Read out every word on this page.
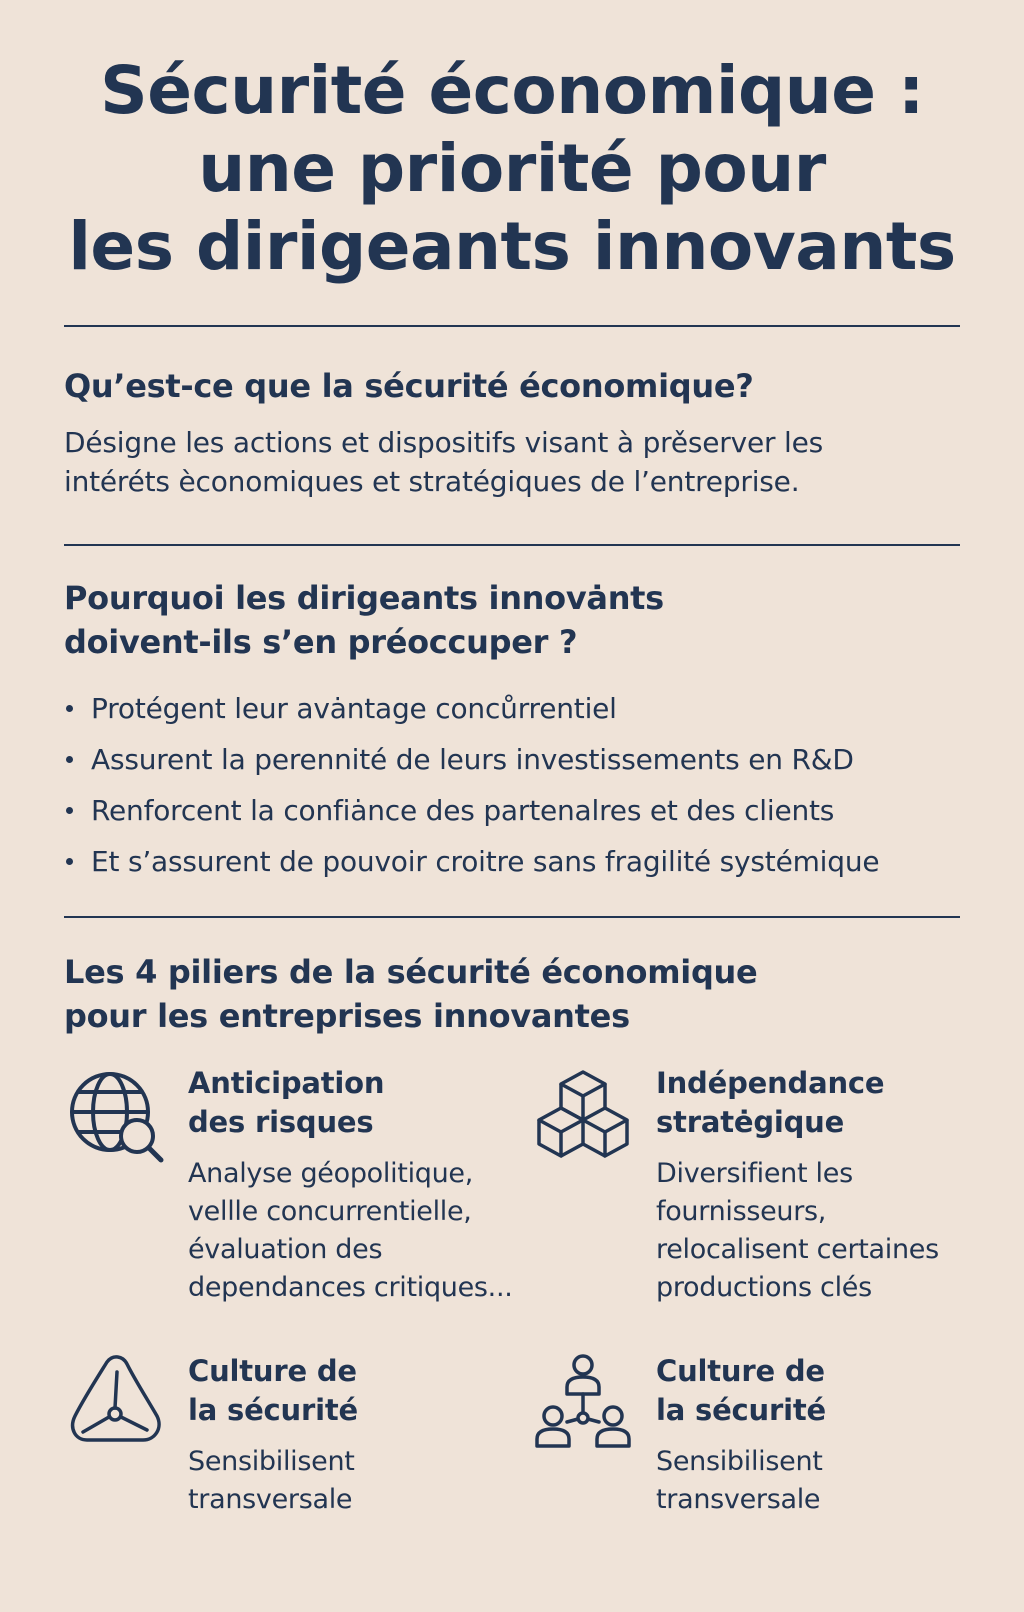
Sécurité économique :
une priorité pour
les dirigeants innovants
Qu’est-ce que la sécurité économique?

Désigne les actions et dispositifs visant à prěserver les
intéréts èconomiques et stratégiques de l’entreprise.

Pourquoi les dirigeants innovȧnts
doivent-ils s’en préoccuper ?
Protégent leur avȧntage concůrrentiel
Assurent la perennité de leurs investissements en R&D
Renforcent la confiȧnce des partenalres et des clients
Et s’assurent de pouvoir croitre sans fragilité systémique
Les 4 piliers de la sécurité économique
pour les entreprises innovantes
Anticipation
des risques

Analyse géopolitique,
vellle concurrentielle,
évaluation des
dependances critiques...

Indépendance
stratėgique

Diversifient les
fournisseurs,
relocalisent certaines
productions clés

Culture de
la sécurité

Sensibilisent
transversale

Culture de
la sécurité

Sensibilisent
transversale
